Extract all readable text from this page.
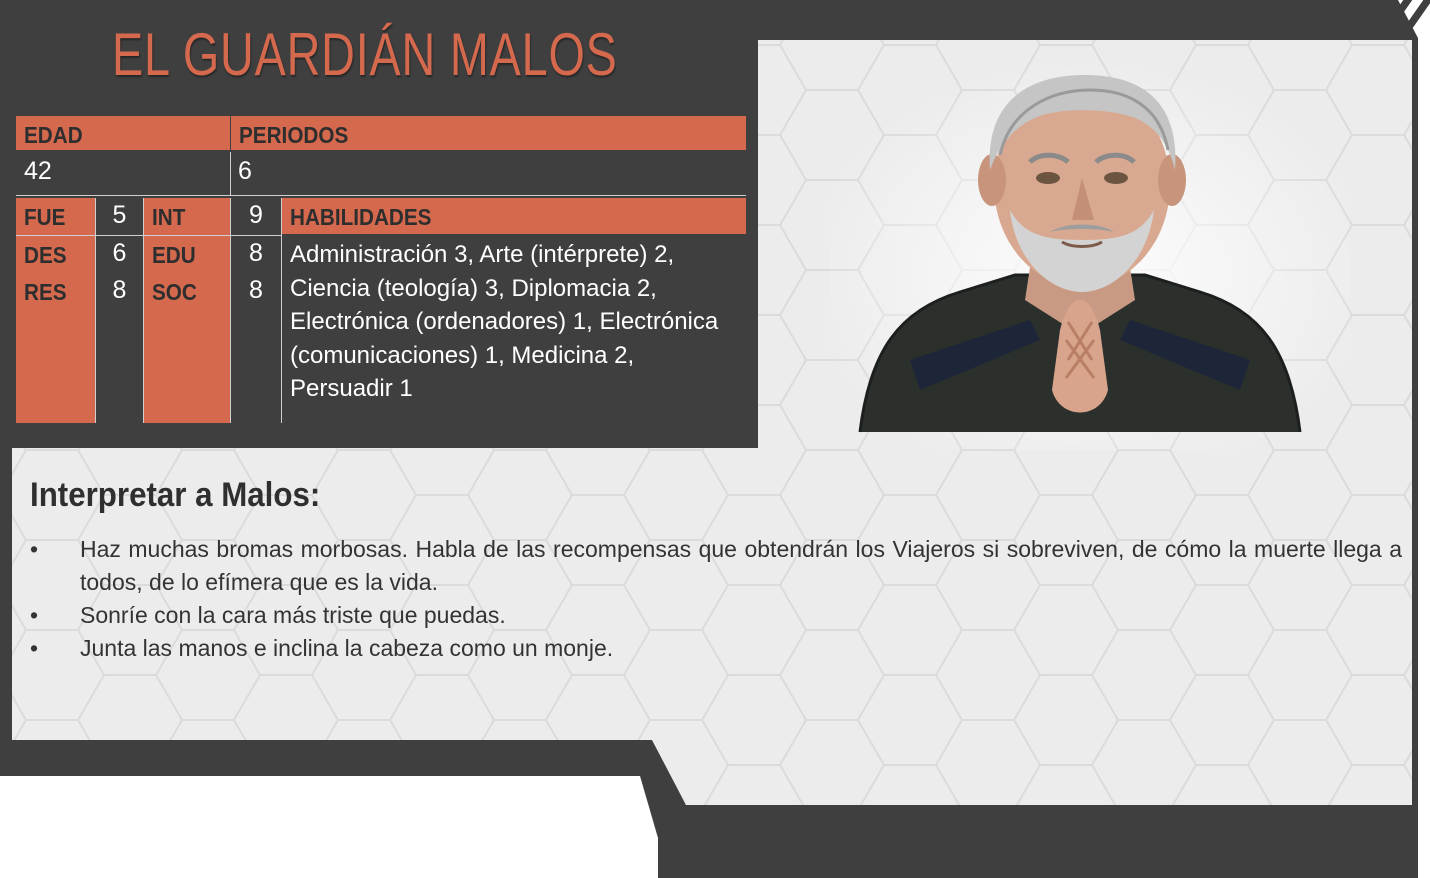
EL GUARDIÁN MALOS
EDAD	PERIODOS
42	6
HABILIDADES
FUE
DES
RES
INT
EDU
SOC
5
6
8
9
8
8
Administración 3, Arte (intérprete) 2, Ciencia (teología) 3, Diplomacia 2, Electrónica (ordenadores) 1, Electrónica (comunicaciones) 1, Medicina 2, Persuadir 1
Interpretar a Malos:
• Haz muchas bromas morbosas. Habla de las recompensas que obtendrán los Viajeros si sobreviven, de cómo la muerte llega a todos, de lo efímera que es la vida.
• Sonríe con la cara más triste que puedas.
• Junta las manos e inclina la cabeza como un monje.
